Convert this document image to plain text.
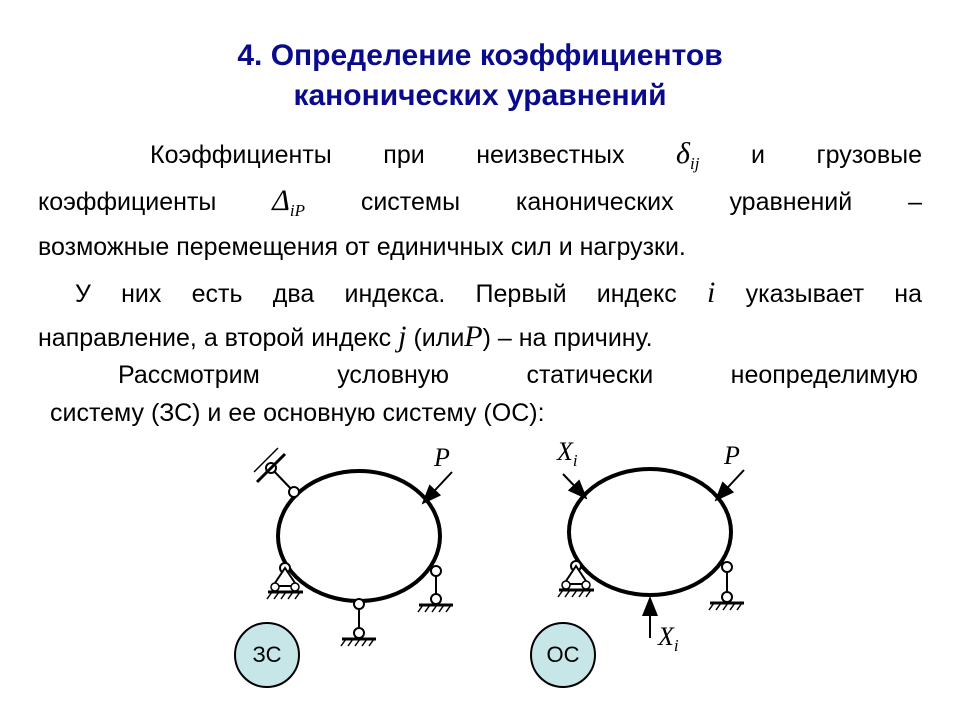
4. Определение коэффициентов
канонических уравнений
Коэффициенты при неизвестных $\delta_{ij}$ и грузовые
коэффициенты $\Delta_{iP}$ системы канонических уравнений –
возможные перемещения от единичных сил и нагрузки.
У них есть два индекса. Первый индекс i указывает на
направление, а второй индекс j (илиP) – на причину.
Рассмотрим условную статически неопределимую
систему (ЗС) и ее основную систему (ОС):
P	$X_i$
$X_i$
P
ЗС	ОС
